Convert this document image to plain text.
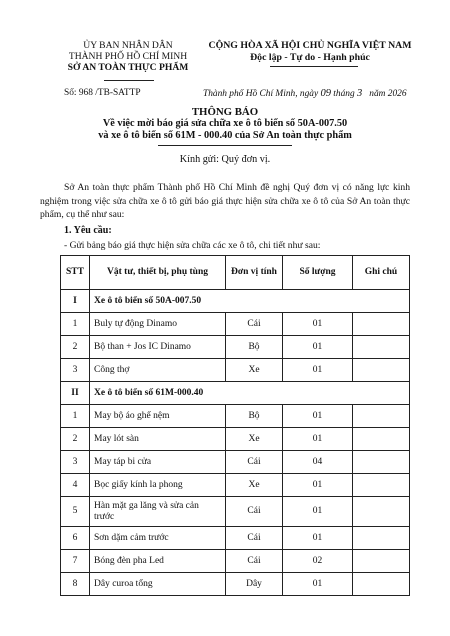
ỦY BAN NHÂN DÂN
THÀNH PHỐ HỒ CHÍ MINH
SỞ AN TOÀN THỰC PHẨM
CỘNG HÒA XÃ HỘI CHỦ NGHĨA VIỆT NAM
Độc lập - Tự do - Hạnh phúc
Số: 968 /TB-SATTP	Thành phố Hồ Chí Minh, ngày 09 tháng 3 năm 2026
THÔNG BÁO
Về việc mời báo giá sửa chữa xe ô tô biển số 50A-007.50
và xe ô tô biển số 61M - 000.40 của Sở An toàn thực phẩm
Kính gửi: Quý đơn vị.
Sở An toàn thực phẩm Thành phố Hồ Chí Minh đề nghị Quý đơn vị có năng lực kinh nghiệm trong việc sửa chữa xe ô tô gửi báo giá thực hiện sửa chữa xe ô tô của Sở An toàn thực phẩm, cụ thể như sau:
1. Yêu cầu:
- Gửi bảng báo giá thực hiện sửa chữa các xe ô tô, chi tiết như sau:
STT	Vật tư, thiết bị, phụ tùng	Đơn vị tính	Số lượng	Ghi chú
I	Xe ô tô biển số 50A-007.50			
1	Buly tự động Dinamo	Cái	01	
2	Bộ than + Jos IC Dinamo	Bộ	01	
3	Công thợ	Xe	01	
II	Xe ô tô biển số 61M-000.40			
1	May bộ áo ghế nệm	Bộ	01	
2	May lót sàn	Xe	01	
3	May táp bi cửa	Cái	04	
4	Bọc giấy kính la phong	Xe	01	
5	Hàn mặt ga lăng và sửa cản trước	Cái	01	
6	Sơn dặm cảm trước	Cái	01	
7	Bóng đèn pha Led	Cái	02	
8	Dây curoa tổng	Dây	01	
